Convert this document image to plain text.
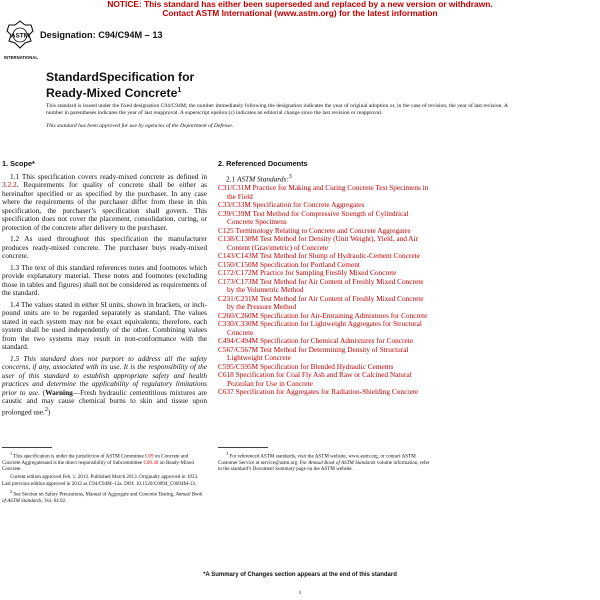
NOTICE: This standard has either been superseded and replaced by a new version or withdrawn.
Contact ASTM International (www.astm.org) for the latest information
ASTM
INTERNATIONAL
Designation: C94/C94M – 13
StandardSpecification for
Ready-Mixed Concrete$^1$

This standard is issued under the fixed designation C94/C94M; the number immediately following the designation indicates the year of original adoption or, in the case of revision, the year of last revision. A number in parentheses indicates the year of last reapproval. A superscript epsilon (ε) indicates an editorial change since the last revision or reapproval.

This standard has been approved for use by agencies of the Department of Defense.

1. Scope*

1.1 This specification covers ready-mixed concrete as defined in 3.2.2. Requirements for quality of concrete shall be either as hereinafter specified or as specified by the purchaser. In any case where the requirements of the purchaser differ from these in this specification, the purchaser’s specification shall govern. This specification does not cover the placement, consolidation, curing, or protection of the concrete after delivery to the purchaser.

1.2 As used throughout this specification the manufacturer produces ready-mixed concrete. The purchaser buys ready-mixed concrete.

1.3 The text of this standard references notes and footnotes which provide explanatory material. These notes and footnotes (excluding those in tables and figures) shall not be considered as requirements of the standard.

1.4 The values stated in either SI units, shown in brackets, or inch-pound units are to be regarded separately as standard. The values stated in each system may not be exact equivalents; therefore, each system shall be used independently of the other. Combining values from the two systems may result in non-conformance with the standard.

1.5 This standard does not purport to address all the safety concerns, if any, associated with its use. It is the responsibility of the user of this standard to establish appropriate safety and health practices and determine the applicability of regulatory limitations prior to use. (Warning—Fresh hydraulic cementitious mixtures are caustic and may cause chemical burns to skin and tissue upon prolonged use.$^2$)

2. Referenced Documents

2.1 ASTM Standards:$^3$

C31/C31M Practice for Making and Curing Concrete Test Specimens in the Field
C33/C33M Specification for Concrete Aggregates
C39/C39M Test Method for Compressive Strength of Cylindrical Concrete Specimens
C125 Terminology Relating to Concrete and Concrete Aggregates
C138/C138M Test Method for Density (Unit Weight), Yield, and Air Content (Gravimetric) of Concrete
C143/C143M Test Method for Slump of Hydraulic-Cement Concrete
C150/C150M Specification for Portland Cement
C172/C172M Practice for Sampling Freshly Mixed Concrete
C173/C173M Test Method for Air Content of Freshly Mixed Concrete by the Volumetric Method
C231/C231M Test Method for Air Content of Freshly Mixed Concrete by the Pressure Method
C260/C260M Specification for Air-Entraining Admixtures for Concrete
C330/C330M Specification for Lightweight Aggregates for Structural Concrete
C494/C494M Specification for Chemical Admixtures for Concrete
C567/C567M Test Method for Determining Density of Structural Lightweight Concrete
C595/C595M Specification for Blended Hydraulic Cements
C618 Specification for Coal Fly Ash and Raw or Calcined Natural Pozzolan for Use in Concrete
C637 Specification for Aggregates for Radiation-Shielding Concrete

$^1$ This specification is under the jurisdiction of ASTM Committee C09 on Concrete and Concrete Aggregatesand is the direct responsibility of Subcommittee C09.40 on Ready-Mixed Concrete.

Current edition approved Feb. 1, 2013. Published March 2013. Originally approved in 1933. Last previous edition approved in 2012 as C94/C94M–12a. DOI: 10.1520/C0094_C0094M-13.

$^2$ See Section on Safety Precautions, Manual of Aggregate and Concrete Testing, Annual Book of ASTM Standards, Vol. 04.02.

$^3$ For referenced ASTM standards, visit the ASTM website, www.astm.org, or contact ASTM Customer Service at service@astm.org. For Annual Book of ASTM Standards volume information, refer to the standard’s Document Summary page on the ASTM website.

*A Summary of Changes section appears at the end of this standard
1
